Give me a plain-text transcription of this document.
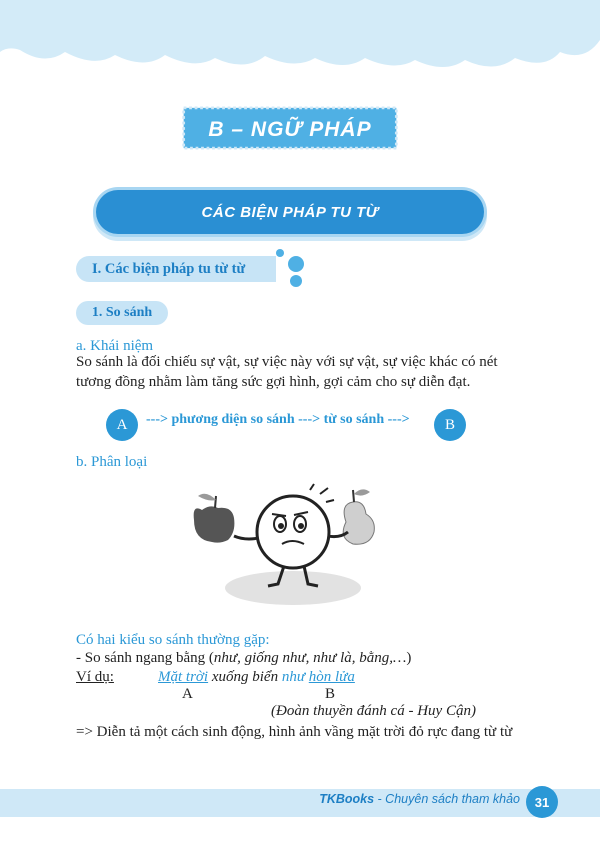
B – NGỮ PHÁP
CÁC BIỆN PHÁP TU TỪ
I. Các biện pháp tu từ từ
1. So sánh
a. Khái niệm
So sánh là đối chiếu sự vật, sự việc này với sự vật, sự việc khác có nét
tương đồng nhằm làm tăng sức gợi hình, gợi cảm cho sự diễn đạt.
A	---> phương diện so sánh ---> từ so sánh --->	B
b. Phân loại
Có hai kiểu so sánh thường gặp:
- So sánh ngang bằng (như, giống như, như là, bằng,…)
Ví dụ:	Mặt trời xuống biển như hòn lửa
A	B
(Đoàn thuyền đánh cá - Huy Cận)
=> Diễn tả một cách sinh động, hình ảnh vầng mặt trời đỏ rực đang từ từ
TKBooks - Chuyên sách tham khảo	31
